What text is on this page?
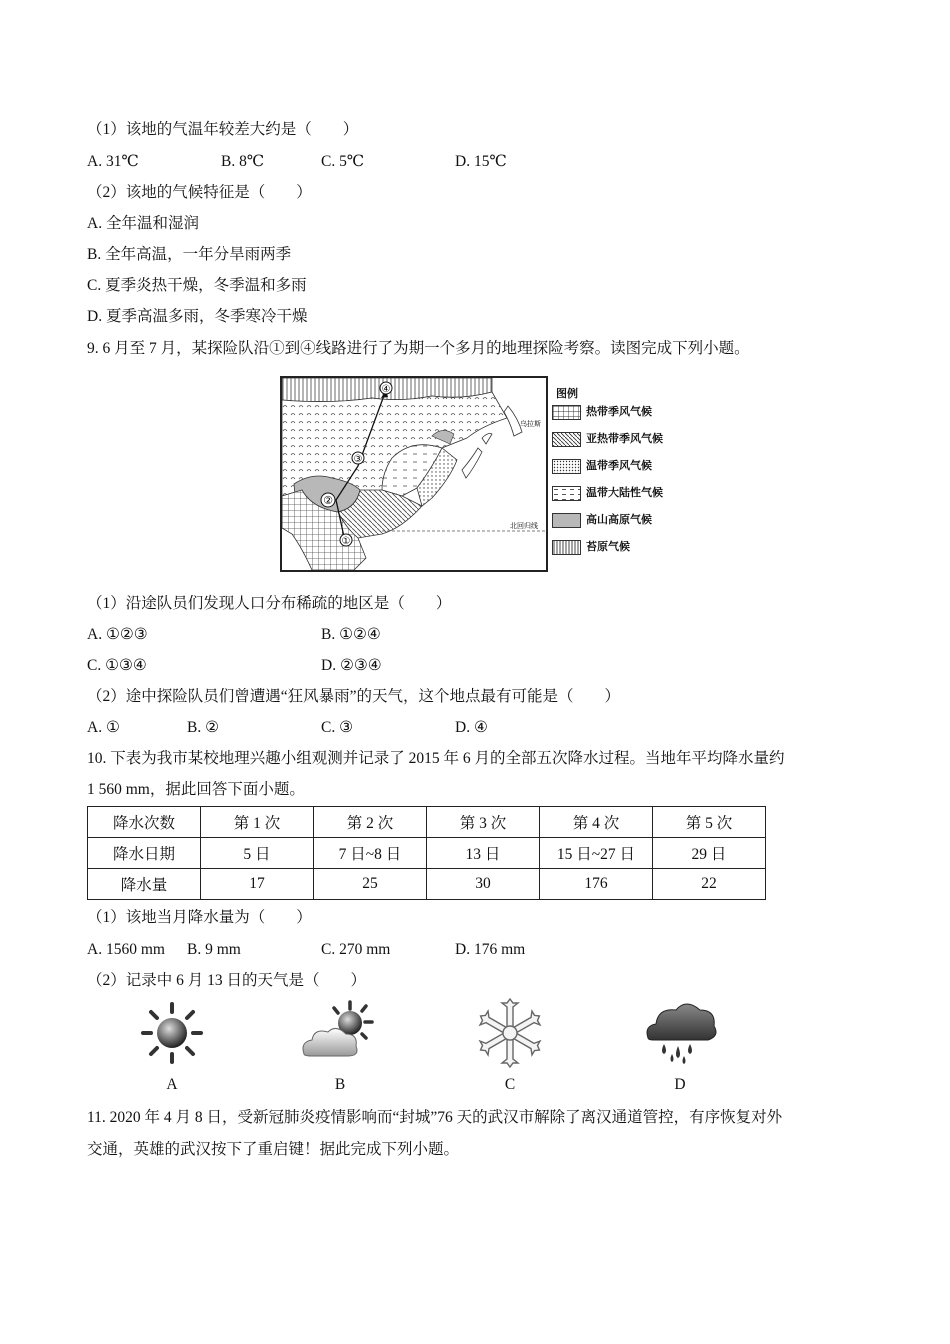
（1）该地的气温年较差大约是（　　）
A. 31℃	B. 8℃	C. 5℃	D. 15℃
（2）该地的气候特征是（　　）
A. 全年温和湿润
B. 全年高温，一年分旱雨两季
C. 夏季炎热干燥，冬季温和多雨
D. 夏季高温多雨，冬季寒冷干燥
9. 6 月至 7 月，某探险队沿①到④线路进行了为期一个多月的地理探险考察。读图完成下列小题。
①
②
③
④
北回归线
乌拉斯
图例
热带季风气候
亚热带季风气候
温带季风气候
温带大陆性气候
高山高原气候
苔原气候
（1）沿途队员们发现人口分布稀疏的地区是（　　）
A. ①②③	B. ①②④
C. ①③④	D. ②③④
（2）途中探险队员们曾遭遇“狂风暴雨”的天气，这个地点最有可能是（　　）
A. ①	B. ②	C. ③	D. ④
10. 下表为我市某校地理兴趣小组观测并记录了 2015 年 6 月的全部五次降水过程。当地年平均降水量约
1 560 mm，据此回答下面小题。
降水次数	第 1 次	第 2 次	第 3 次	第 4 次	第 5 次
降水日期	5 日	7 日~8 日	13 日	15 日~27 日	29 日
降水量	17	25	30	176	22
（1）该地当月降水量为（　　）
A. 1560 mm B. 9 mm	C. 270 mm	D. 176 mm
（2）记录中 6 月 13 日的天气是（　　）
A	B	C	D
11. 2020 年 4 月 8 日，受新冠肺炎疫情影响而“封城”76 天的武汉市解除了离汉通道管控，有序恢复对外
交通，英雄的武汉按下了重启键！据此完成下列小题。
